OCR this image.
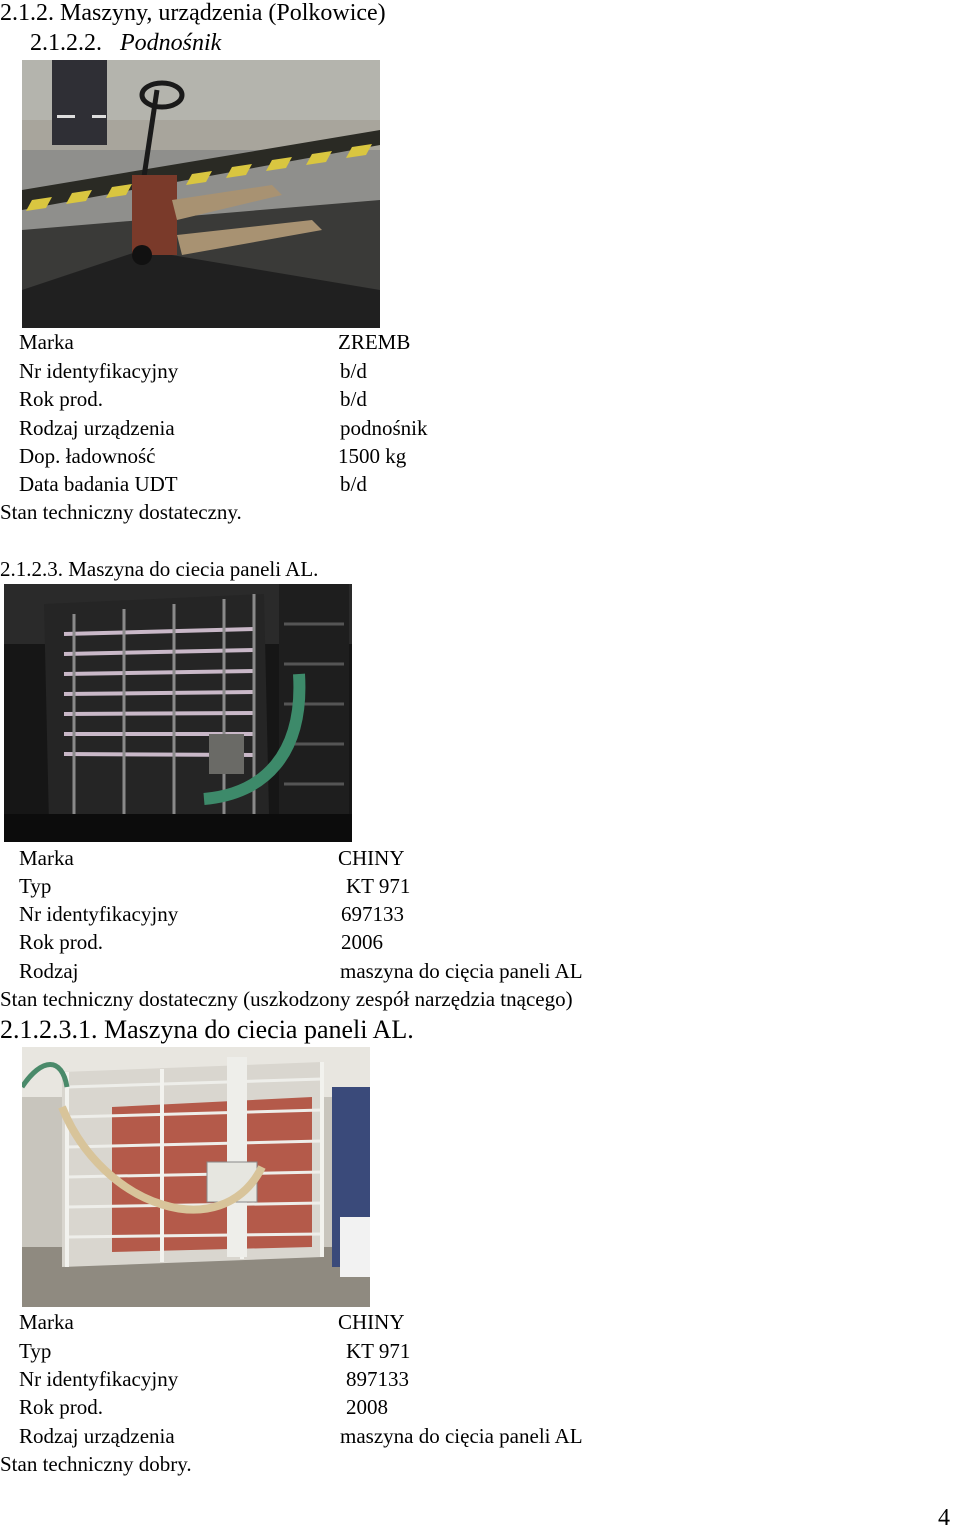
2.1.2. Maszyny, urządzenia (Polkowice)
2.1.2.2. Podnośnik
Marka	ZREMB
Nr identyfikacyjny	b/d
Rok prod.	b/d
Rodzaj urządzenia	podnośnik
Dop. ładowność	1500 kg
Data badania UDT	b/d
Stan techniczny dostateczny.
2.1.2.3. Maszyna do ciecia paneli AL.
Marka	CHINY
Typ	KT 971
Nr identyfikacyjny	697133
Rok prod.	2006
Rodzaj	maszyna do cięcia paneli AL
Stan techniczny dostateczny (uszkodzony zespół narzędzia tnącego)
2.1.2.3.1. Maszyna do ciecia paneli AL.
Marka	CHINY
Typ	KT 971
Nr identyfikacyjny	897133
Rok prod.	2008
Rodzaj urządzenia	maszyna do cięcia paneli AL
Stan techniczny dobry.
4
